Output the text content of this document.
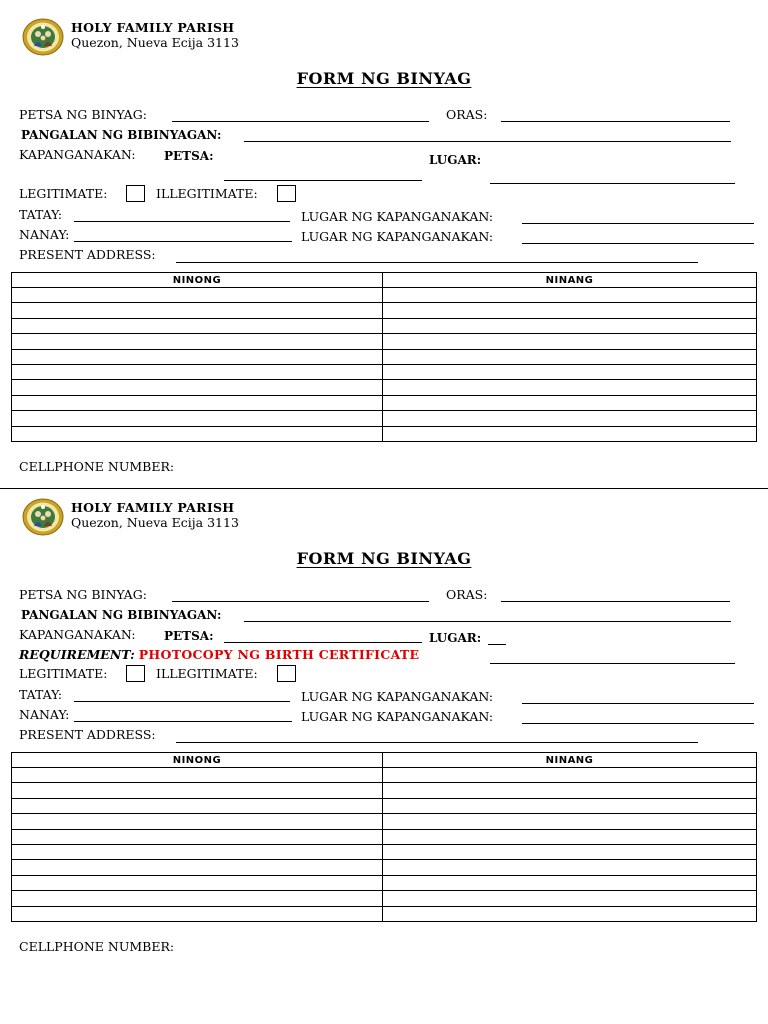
HOLY FAMILY PARISH
Quezon, Nueva Ecija 3113
FORM NG BINYAG
PETSA NG BINYAG:	ORAS:
PANGALAN NG BIBINYAGAN:
KAPANGANAKAN: PETSA:	LUGAR:
LEGITIMATE:	ILLEGITIMATE:
TATAY:	LUGAR NG KAPANGANAKAN:
NANAY:	LUGAR NG KAPANGANAKAN:
PRESENT ADDRESS:
NINONG	NINANG

CELLPHONE NUMBER:
HOLY FAMILY PARISH
Quezon, Nueva Ecija 3113
FORM NG BINYAG
PETSA NG BINYAG:	ORAS:
PANGALAN NG BIBINYAGAN:
KAPANGANAKAN: PETSA:	LUGAR:
REQUIREMENT: PHOTOCOPY NG BIRTH CERTIFICATE
LEGITIMATE:	ILLEGITIMATE:
TATAY:	LUGAR NG KAPANGANAKAN:
NANAY:	LUGAR NG KAPANGANAKAN:
PRESENT ADDRESS:
NINONG	NINANG

CELLPHONE NUMBER:
